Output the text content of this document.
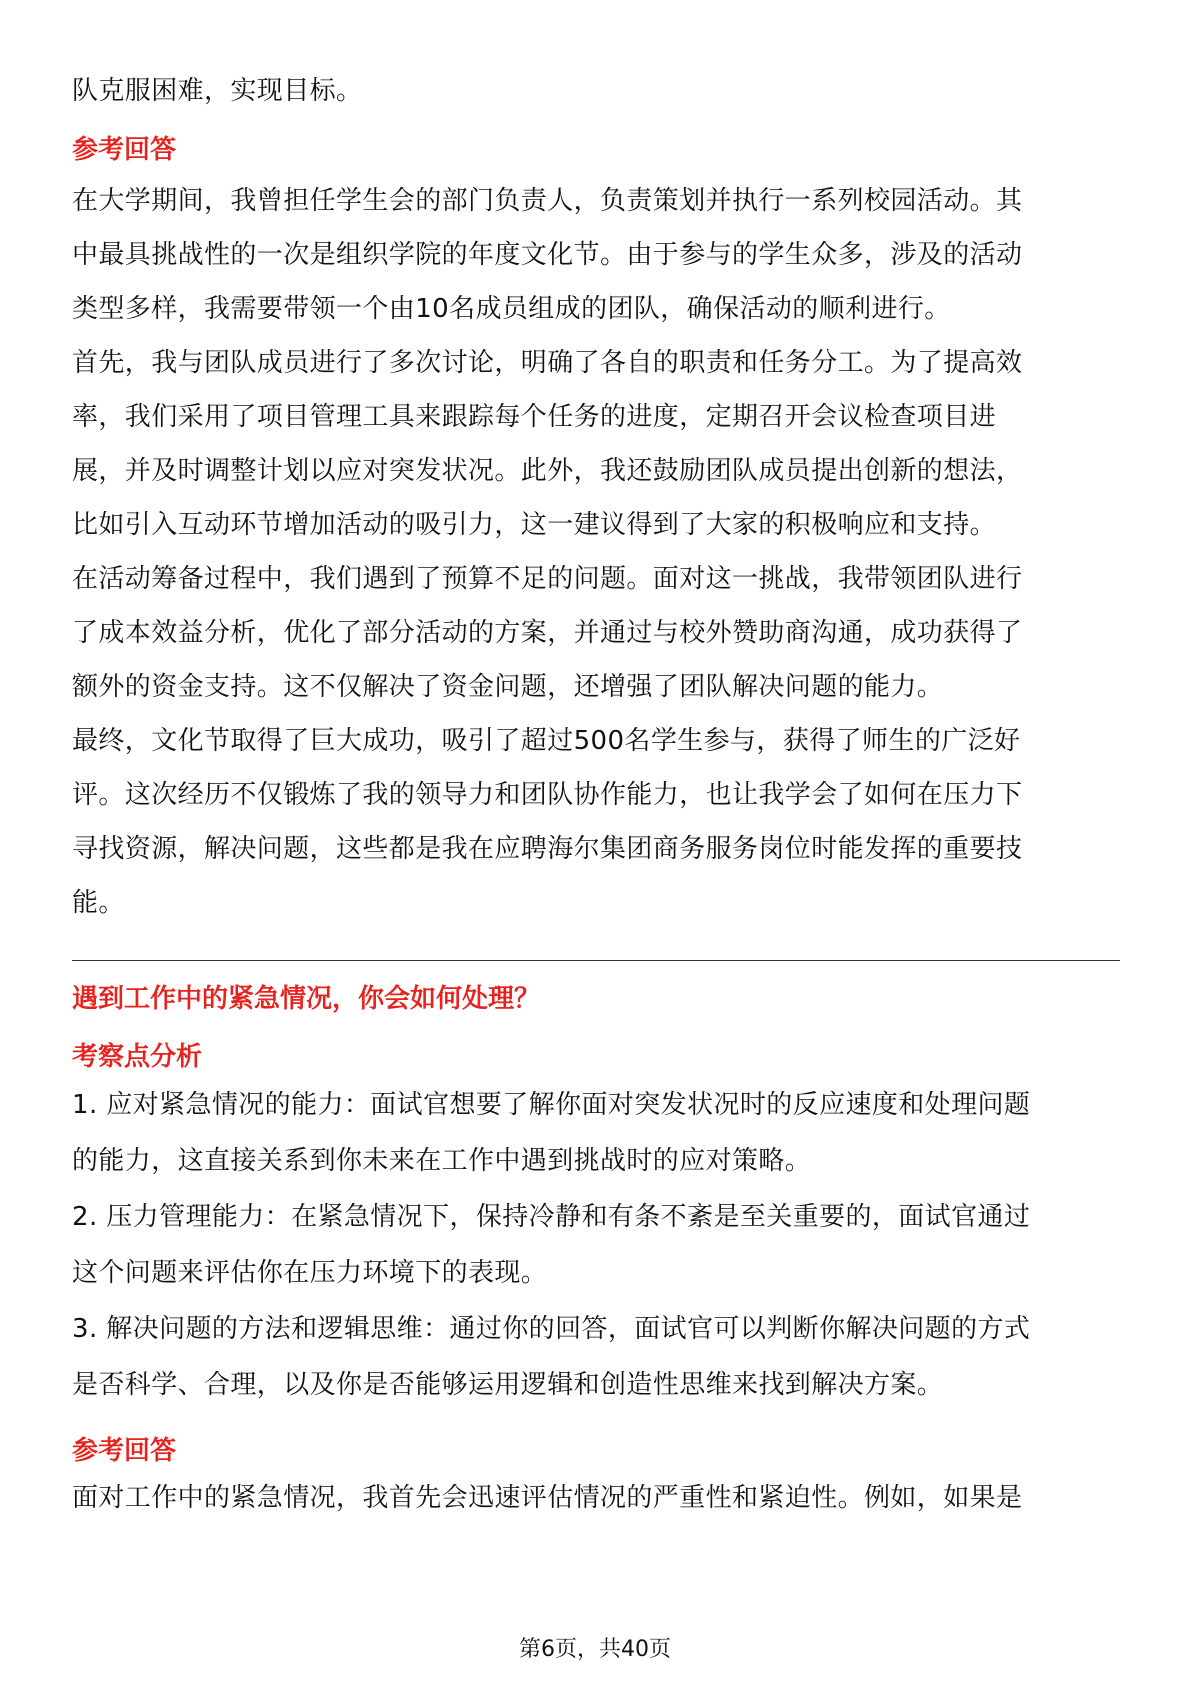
队克服困难，实现目标。

参考回答

在大学期间，我曾担任学生会的部门负责人，负责策划并执行一系列校园活动。其

中最具挑战性的一次是组织学院的年度文化节。由于参与的学生众多，涉及的活动

类型多样，我需要带领一个由10名成员组成的团队，确保活动的顺利进行。

首先，我与团队成员进行了多次讨论，明确了各自的职责和任务分工。为了提高效

率，我们采用了项目管理工具来跟踪每个任务的进度，定期召开会议检查项目进

展，并及时调整计划以应对突发状况。此外，我还鼓励团队成员提出创新的想法，

比如引入互动环节增加活动的吸引力，这一建议得到了大家的积极响应和支持。

在活动筹备过程中，我们遇到了预算不足的问题。面对这一挑战，我带领团队进行

了成本效益分析，优化了部分活动的方案，并通过与校外赞助商沟通，成功获得了

额外的资金支持。这不仅解决了资金问题，还增强了团队解决问题的能力。

最终，文化节取得了巨大成功，吸引了超过500名学生参与，获得了师生的广泛好

评。这次经历不仅锻炼了我的领导力和团队协作能力，也让我学会了如何在压力下

寻找资源，解决问题，这些都是我在应聘海尔集团商务服务岗位时能发挥的重要技

能。

遇到工作中的紧急情况，你会如何处理？

考察点分析

1. 应对紧急情况的能力：面试官想要了解你面对突发状况时的反应速度和处理问题

的能力，这直接关系到你未来在工作中遇到挑战时的应对策略。

2. 压力管理能力：在紧急情况下，保持冷静和有条不紊是至关重要的，面试官通过

这个问题来评估你在压力环境下的表现。

3. 解决问题的方法和逻辑思维：通过你的回答，面试官可以判断你解决问题的方式

是否科学、合理，以及你是否能够运用逻辑和创造性思维来找到解决方案。

参考回答

面对工作中的紧急情况，我首先会迅速评估情况的严重性和紧迫性。例如，如果是

第6页，共40页
